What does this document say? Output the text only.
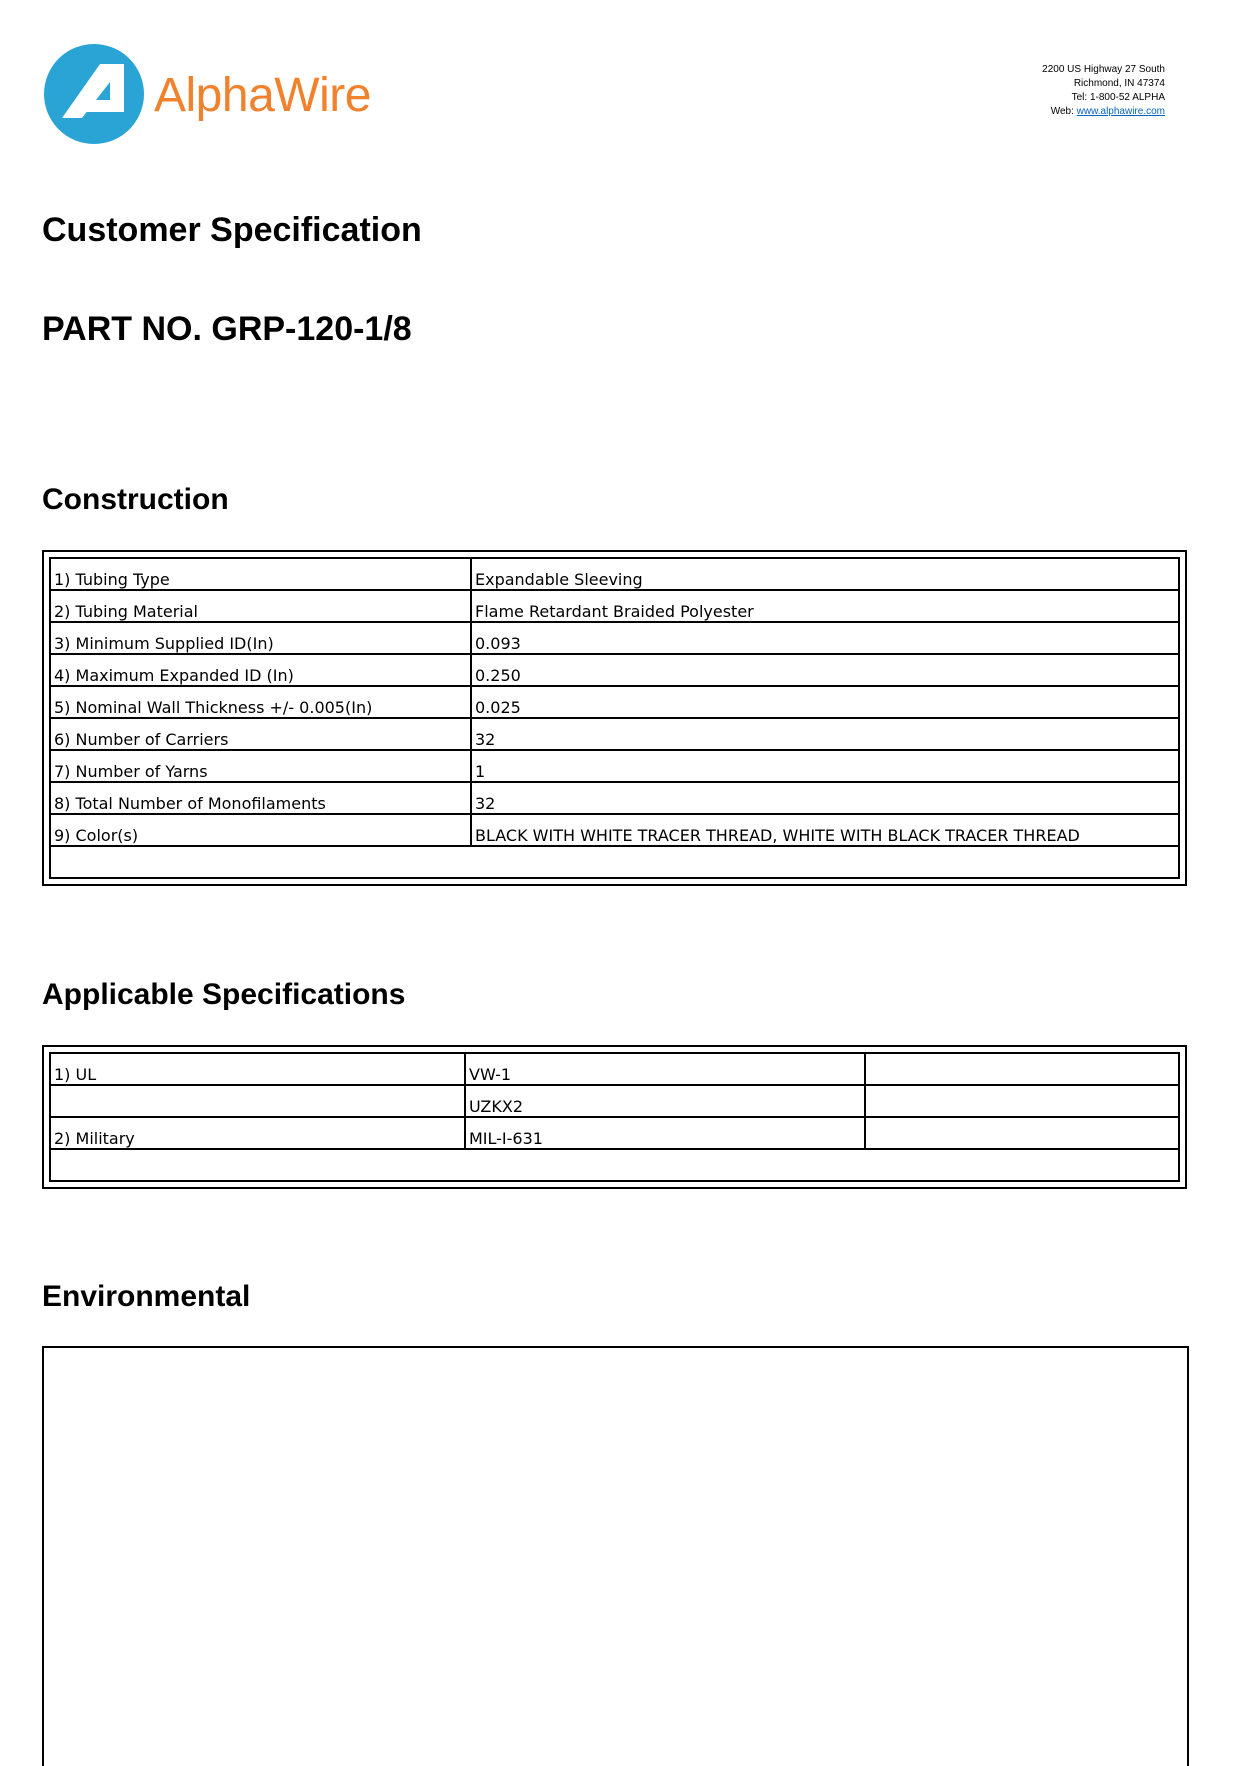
AlphaWire	2200 US Highway 27 South
Richmond, IN 47374
Tel: 1-800-52 ALPHA
Web: www.alphawire.com
Customer Specification
PART NO. GRP-120-1/8
Construction
1) Tubing Type	Expandable Sleeving
2) Tubing Material	Flame Retardant Braided Polyester
3) Minimum Supplied ID(In)	0.093
4) Maximum Expanded ID (In)	0.250
5) Nominal Wall Thickness +/- 0.005(In)	0.025
6) Number of Carriers	32
7) Number of Yarns	1
8) Total Number of Monofilaments	32
9) Color(s)	BLACK WITH WHITE TRACER THREAD, WHITE WITH BLACK TRACER THREAD

Applicable Specifications
1) UL	VW-1	
	UZKX2	
2) Military	MIL-I-631	

Environmental
